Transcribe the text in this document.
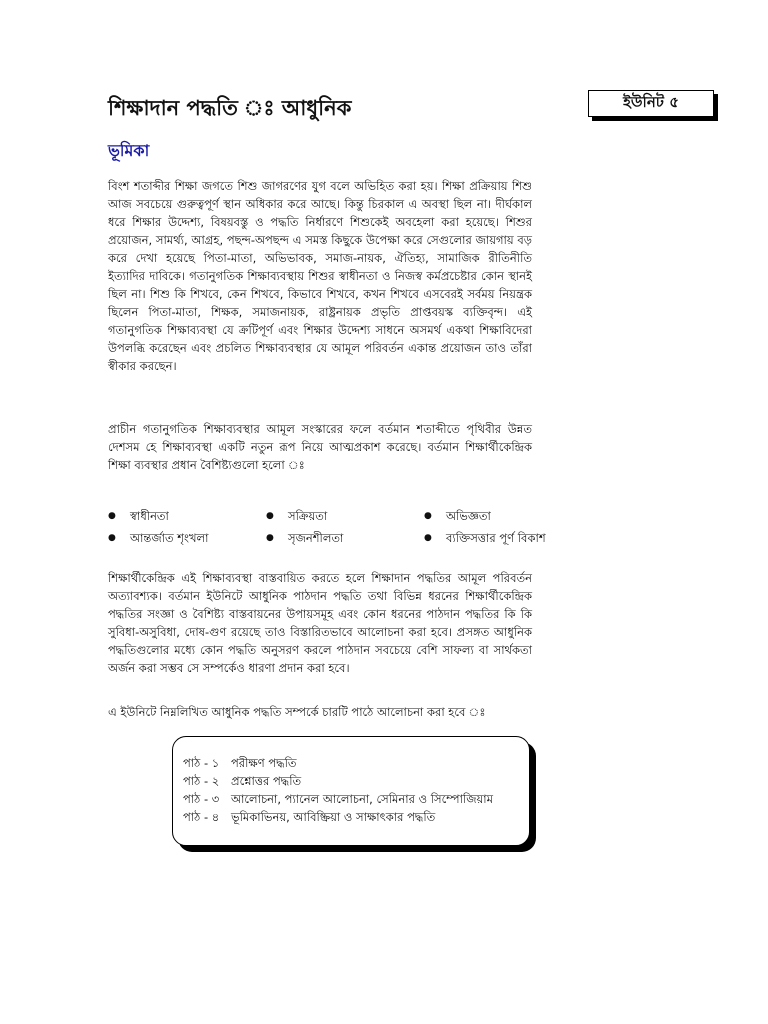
শিক্ষাদান পদ্ধতি ঃ আধুনিক	ইউনিট ৫
ভূমিকা

বিংশ শতাব্দীর শিক্ষা জগতে শিশু জাগরণের যুগ বলে অভিহিত করা হয়। শিক্ষা প্রক্রিয়ায় শিশু আজ সবচেয়ে গুরুত্বপূর্ণ স্থান অধিকার করে আছে। কিন্তু চিরকাল এ অবস্থা ছিল না। দীর্ঘকাল ধরে শিক্ষার উদ্দেশ্য, বিষয়বস্তু ও পদ্ধতি নির্ধারণে শিশুকেই অবহেলা করা হয়েছে। শিশুর প্রয়োজন, সামর্থ্য, আগ্রহ, পছন্দ-অপছন্দ এ সমস্ত কিছুকে উপেক্ষা করে সেগুলোর জায়গায় বড় করে দেখা হয়েছে পিতা-মাতা, অভিভাবক, সমাজ-নায়ক, ঐতিহ্য, সামাজিক রীতিনীতি ইত্যাদির দাবিকে। গতানুগতিক শিক্ষাব্যবস্থায় শিশুর স্বাধীনতা ও নিজস্ব কর্মপ্রচেষ্টার কোন স্থানই ছিল না। শিশু কি শিখবে, কেন শিখবে, কিভাবে শিখবে, কখন শিখবে এসবেরই সর্বময় নিয়ন্ত্রক ছিলেন পিতা-মাতা, শিক্ষক, সমাজনায়ক, রাষ্ট্রনায়ক প্রভৃতি প্রাপ্তবয়স্ক ব্যক্তিবৃন্দ। এই গতানুগতিক শিক্ষাব্যবস্থা যে ক্রটিপূর্ণ এবং শিক্ষার উদ্দেশ্য সাধনে অসমর্থ একথা শিক্ষাবিদেরা উপলব্ধি করেছেন এবং প্রচলিত শিক্ষাব্যবস্থার যে আমূল পরিবর্তন একান্ত প্রয়োজন তাও তাঁরা স্বীকার করছেন।

প্রাচীন গতানুগতিক শিক্ষাব্যবস্থার আমূল সংস্কারের ফলে বর্তমান শতাব্দীতে পৃথিবীর উন্নত দেশসম হে শিক্ষাব্যবস্থা একটি নতুন রূপ নিয়ে আত্মপ্রকাশ করেছে। বর্তমান শিক্ষার্থীকেন্দ্রিক শিক্ষা ব্যবস্থার প্রধান বৈশিষ্ট্যগুলো হলো ঃ

● স্বাধীনতা	● সক্রিয়তা	● অভিজ্ঞতা
● আন্তর্জাত শৃংখলা	● সৃজনশীলতা	● ব্যক্তিসত্তার পূর্ণ বিকাশ

শিক্ষার্থীকেন্দ্রিক এই শিক্ষাব্যবস্থা বাস্তবায়িত করতে হলে শিক্ষাদান পদ্ধতির আমূল পরিবর্তন অত্যাবশ্যক। বর্তমান ইউনিটে আধুনিক পাঠদান পদ্ধতি তথা বিভিন্ন ধরনের শিক্ষার্থীকেন্দ্রিক পদ্ধতির সংজ্ঞা ও বৈশিষ্ট্য বাস্তবায়নের উপায়সমূহ এবং কোন ধরনের পাঠদান পদ্ধতির কি কি সুবিধা-অসুবিধা, দোষ-গুণ রয়েছে তাও বিস্তারিতভাবে আলোচনা করা হবে। প্রসঙ্গত আধুনিক পদ্ধতিগুলোর মধ্যে কোন পদ্ধতি অনুসরণ করলে পাঠদান সবচেয়ে বেশি সাফল্য বা সার্থকতা অর্জন করা সম্ভব সে সম্পর্কেও ধারণা প্রদান করা হবে।

এ ইউনিটে নিম্নলিখিত আধুনিক পদ্ধতি সম্পর্কে চারটি পাঠে আলোচনা করা হবে ঃ

পাঠ - ১ পরীক্ষণ পদ্ধতি
পাঠ - ২ প্রশ্নোত্তর পদ্ধতি
পাঠ - ৩ আলোচনা, প্যানেল আলোচনা, সেমিনার ও সিম্পোজিয়াম
পাঠ - ৪ ভূমিকাভিনয়, আবিষ্ক্রিয়া ও সাক্ষাৎকার পদ্ধতি
